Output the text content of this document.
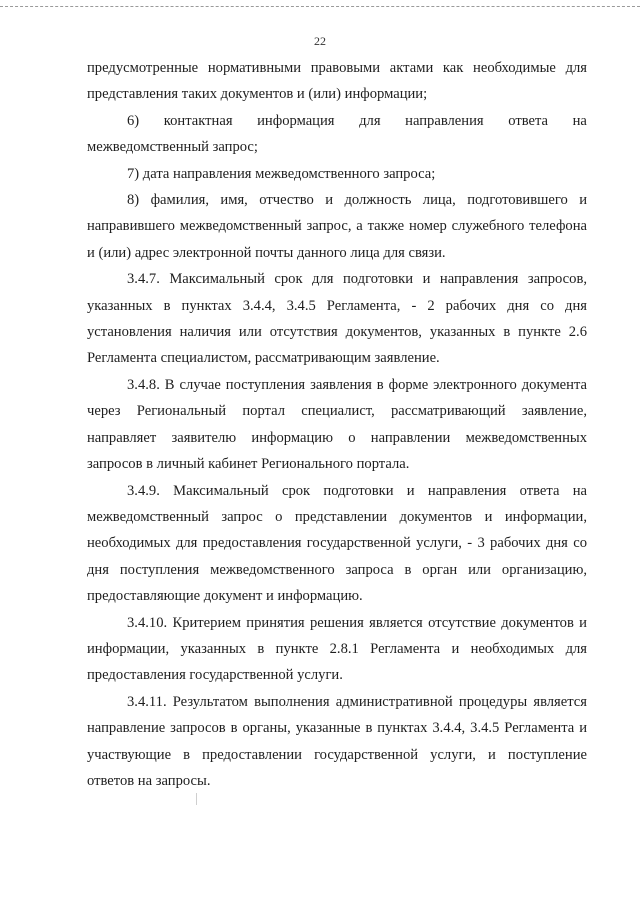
22

предусмотренные нормативными правовыми актами как необходимые для представления таких документов и (или) информации;

6) контактная информация для направления ответа на

межведомственный запрос;

7) дата направления межведомственного запроса;

8) фамилия, имя, отчество и должность лица, подготовившего и направившего межведомственный запрос, а также номер служебного телефона и (или) адрес электронной почты данного лица для связи.

3.4.7. Максимальный срок для подготовки и направления запросов, указанных в пунктах 3.4.4, 3.4.5 Регламента, - 2 рабочих дня со дня установления наличия или отсутствия документов, указанных в пункте 2.6 Регламента специалистом, рассматривающим заявление.

3.4.8. В случае поступления заявления в форме электронного документа через Региональный портал специалист, рассматривающий заявление, направляет заявителю информацию о направлении межведомственных запросов в личный кабинет Регионального портала.

3.4.9. Максимальный срок подготовки и направления ответа на межведомственный запрос о представлении документов и информации, необходимых для предоставления государственной услуги, - 3 рабочих дня со дня поступления межведомственного запроса в орган или организацию, предоставляющие документ и информацию.

3.4.10. Критерием принятия решения является отсутствие документов и информации, указанных в пункте 2.8.1 Регламента и необходимых для предоставления государственной услуги.

3.4.11. Результатом выполнения административной процедуры является направление запросов в органы, указанные в пунктах 3.4.4, 3.4.5 Регламента и участвующие в предоставлении государственной услуги, и поступление ответов на запросы.
